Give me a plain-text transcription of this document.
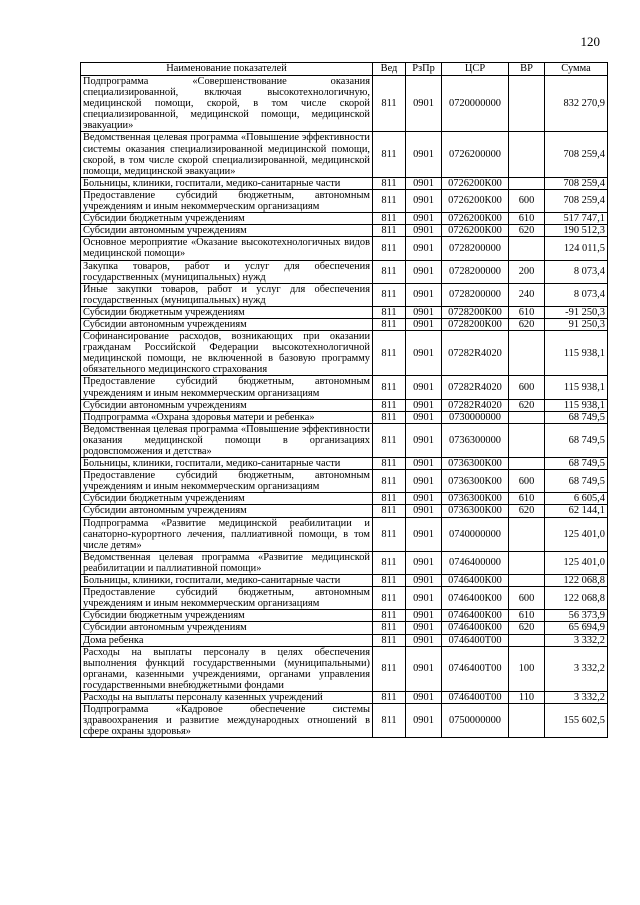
120
Наименование показателей	Вед	РзПр	ЦСР	ВР	Сумма
Подпрограмма «Совершенствование оказания специализированной, включая высокотехнологичную, медицинской помощи, скорой, в том числе скорой специализированной, медицинской помощи, медицинской эвакуации»	811	0901	0720000000		832 270,9
Ведомственная целевая программа «Повышение эффективности системы оказания специализированной медицинской помощи, скорой, в том числе скорой специализированной, медицинской помощи, медицинской эвакуации»	811	0901	0726200000		708 259,4
Больницы, клиники, госпитали, медико-санитарные части	811	0901	0726200К00		708 259,4
Предоставление субсидий бюджетным, автономным учреждениям и иным некоммерческим организациям	811	0901	0726200К00	600	708 259,4
Субсидии бюджетным учреждениям	811	0901	0726200К00	610	517 747,1
Субсидии автономным учреждениям	811	0901	0726200К00	620	190 512,3
Основное мероприятие «Оказание высокотехнологичных видов медицинской помощи»	811	0901	0728200000		124 011,5
Закупка товаров, работ и услуг для обеспечения государственных (муниципальных) нужд	811	0901	0728200000	200	8 073,4
Иные закупки товаров, работ и услуг для обеспечения государственных (муниципальных) нужд	811	0901	0728200000	240	8 073,4
Субсидии бюджетным учреждениям	811	0901	0728200К00	610	-91 250,3
Субсидии автономным учреждениям	811	0901	0728200К00	620	91 250,3
Софинансирование расходов, возникающих при оказании гражданам Российской Федерации высокотехнологичной медицинской помощи, не включенной в базовую программу обязательного медицинского страхования	811	0901	07282R4020		115 938,1
Предоставление субсидий бюджетным, автономным учреждениям и иным некоммерческим организациям	811	0901	07282R4020	600	115 938,1
Субсидии автономным учреждениям	811	0901	07282R4020	620	115 938,1
Подпрограмма «Охрана здоровья матери и ребенка»	811	0901	0730000000		68 749,5
Ведомственная целевая программа «Повышение эффективности оказания медицинской помощи в организациях родовспоможения и детства»	811	0901	0736300000		68 749,5
Больницы, клиники, госпитали, медико-санитарные части	811	0901	0736300К00		68 749,5
Предоставление субсидий бюджетным, автономным учреждениям и иным некоммерческим организациям	811	0901	0736300К00	600	68 749,5
Субсидии бюджетным учреждениям	811	0901	0736300К00	610	6 605,4
Субсидии автономным учреждениям	811	0901	0736300К00	620	62 144,1
Подпрограмма «Развитие медицинской реабилитации и санаторно-курортного лечения, паллиативной помощи, в том числе детям»	811	0901	0740000000		125 401,0
Ведомственная целевая программа «Развитие медицинской реабилитации и паллиативной помощи»	811	0901	0746400000		125 401,0
Больницы, клиники, госпитали, медико-санитарные части	811	0901	0746400К00		122 068,8
Предоставление субсидий бюджетным, автономным учреждениям и иным некоммерческим организациям	811	0901	0746400К00	600	122 068,8
Субсидии бюджетным учреждениям	811	0901	0746400К00	610	56 373,9
Субсидии автономным учреждениям	811	0901	0746400К00	620	65 694,9
Дома ребенка	811	0901	0746400Т00		3 332,2
Расходы на выплаты персоналу в целях обеспечения выполнения функций государственными (муниципальными) органами, казенными учреждениями, органами управления государственными внебюджетными фондами	811	0901	0746400Т00	100	3 332,2
Расходы на выплаты персоналу казенных учреждений	811	0901	0746400Т00	110	3 332,2
Подпрограмма «Кадровое обеспечение системы здравоохранения и развитие международных отношений в сфере охраны здоровья»	811	0901	0750000000		155 602,5
